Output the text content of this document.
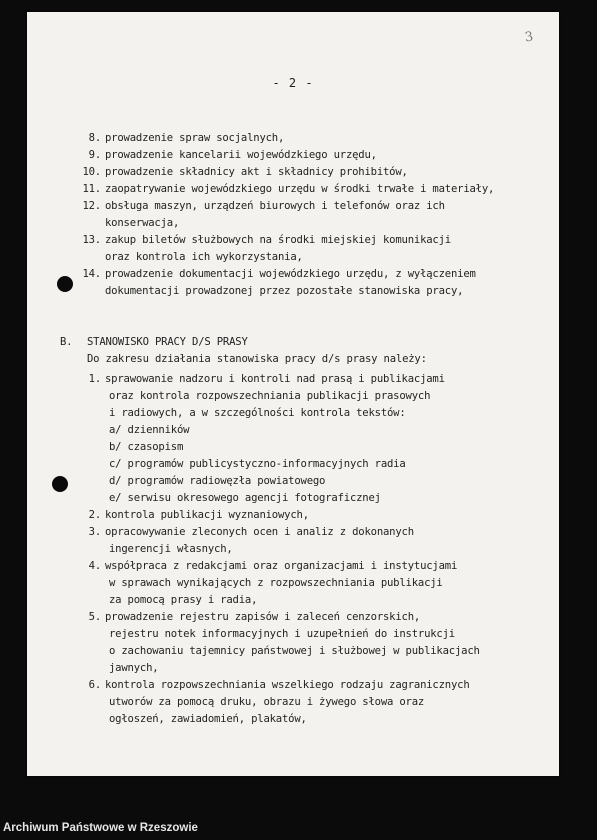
3
- 2 -
8. prowadzenie spraw socjalnych,
9. prowadzenie kancelarii wojewódzkiego urzędu,
10. prowadzenie składnicy akt i składnicy prohibitów,
11. zaopatrywanie wojewódzkiego urzędu w środki trwałe i materiały,
12. obsługa maszyn, urządzeń biurowych i telefonów oraz ich
konserwacja,
13. zakup biletów służbowych na środki miejskiej komunikacji
oraz kontrola ich wykorzystania,
14. prowadzenie dokumentacji wojewódzkiego urzędu, z wyłączeniem
dokumentacji prowadzonej przez pozostałe stanowiska pracy,
B. STANOWISKO PRACY D/S PRASY
Do zakresu działania stanowiska pracy d/s prasy należy:
1. sprawowanie nadzoru i kontroli nad prasą i publikacjami
oraz kontrola rozpowszechniania publikacji prasowych
i radiowych, a w szczególności kontrola tekstów:
a/ dzienników
b/ czasopism
c/ programów publicystyczno-informacyjnych radia
d/ programów radiowęzła powiatowego
e/ serwisu okresowego agencji fotograficznej
2. kontrola publikacji wyznaniowych,
3. opracowywanie zleconych ocen i analiz z dokonanych
ingerencji własnych,
4. współpraca z redakcjami oraz organizacjami i instytucjami
w sprawach wynikających z rozpowszechniania publikacji
za pomocą prasy i radia,
5. prowadzenie rejestru zapisów i zaleceń cenzorskich,
rejestru notek informacyjnych i uzupełnień do instrukcji
o zachowaniu tajemnicy państwowej i służbowej w publikacjach
jawnych,
6. kontrola rozpowszechniania wszelkiego rodzaju zagranicznych
utworów za pomocą druku, obrazu i żywego słowa oraz
ogłoszeń, zawiadomień, plakatów,
Archiwum Państwowe w Rzeszowie
